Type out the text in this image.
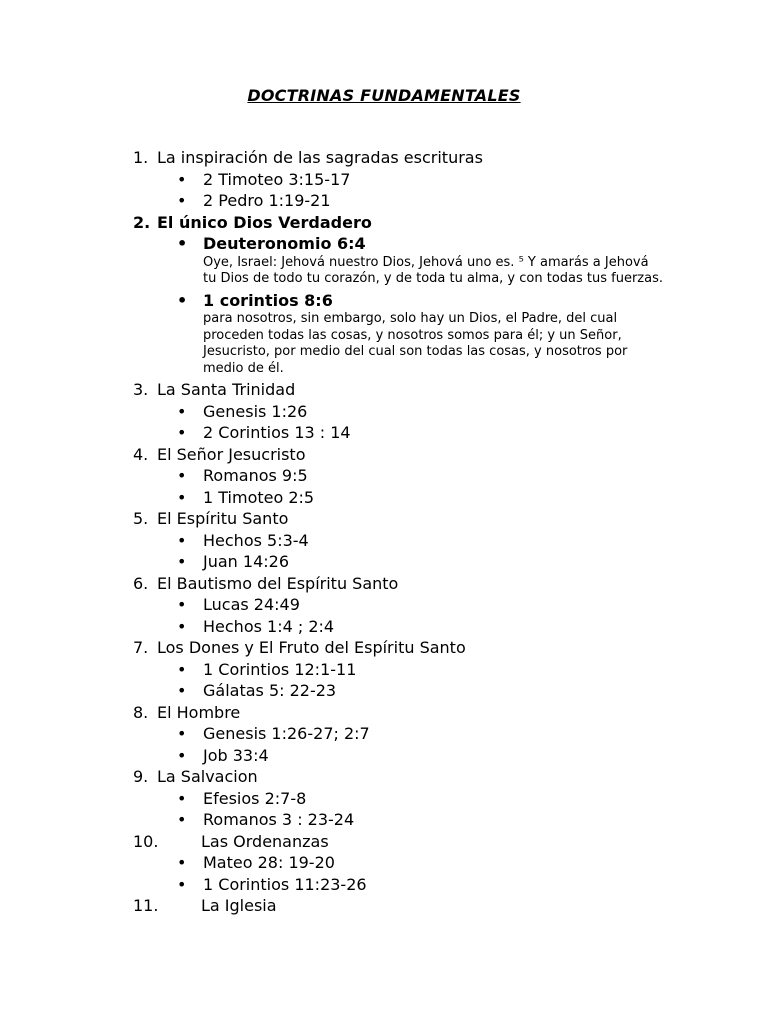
DOCTRINAS FUNDAMENTALES
1. La inspiración de las sagradas escrituras
• 2 Timoteo 3:15-17
• 2 Pedro 1:19-21
2. El único Dios Verdadero
• Deuteronomio 6:4
Oye, Israel: Jehová nuestro Dios, Jehová uno es. ⁵ Y amarás a Jehová tu Dios de todo tu corazón, y de toda tu alma, y con todas tus fuerzas.
• 1 corintios 8:6
para nosotros, sin embargo, solo hay un Dios, el Padre, del cual proceden todas las cosas, y nosotros somos para él; y un Señor, Jesucristo, por medio del cual son todas las cosas, y nosotros por medio de él.
3. La Santa Trinidad
• Genesis 1:26
• 2 Corintios 13 : 14
4. El Señor Jesucristo
• Romanos 9:5
• 1 Timoteo 2:5
5. El Espíritu Santo
• Hechos 5:3-4
• Juan 14:26
6. El Bautismo del Espíritu Santo
• Lucas 24:49
• Hechos 1:4 ; 2:4
7. Los Dones y El Fruto del Espíritu Santo
• 1 Corintios 12:1-11
• Gálatas 5: 22-23
8. El Hombre
• Genesis 1:26-27; 2:7
• Job 33:4
9. La Salvacion
• Efesios 2:7-8
• Romanos 3 : 23-24
10.	Las Ordenanzas
• Mateo 28: 19-20
• 1 Corintios 11:23-26
11.	La Iglesia
